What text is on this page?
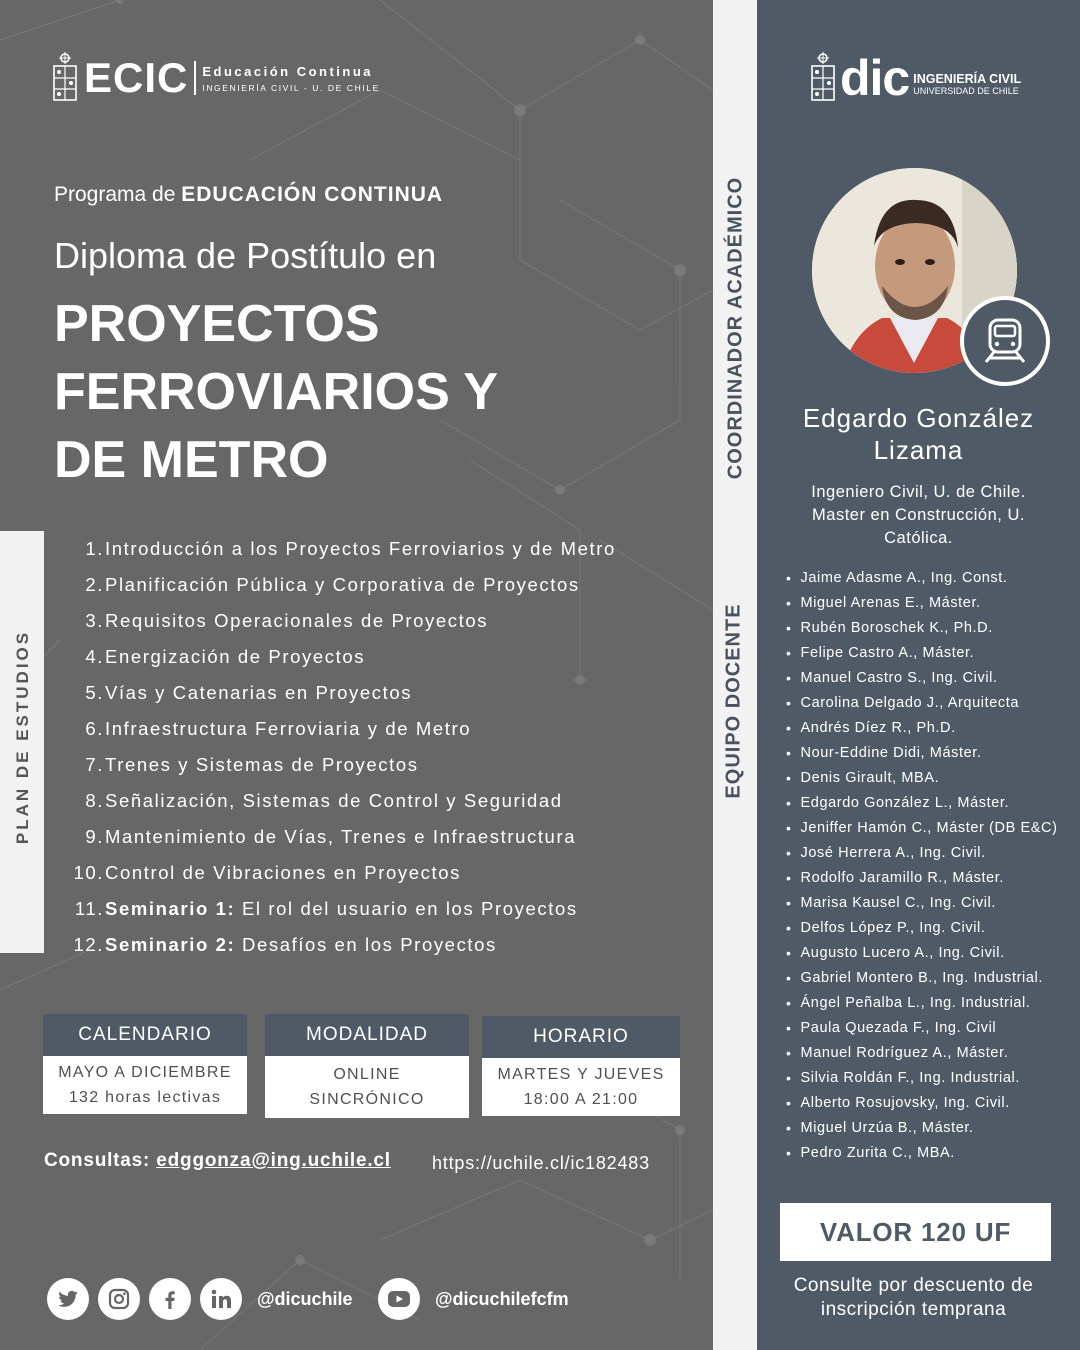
ECIC Educación Continua
INGENIERÍA CIVIL - U. DE CHILE	dic INGENIERÍA CIVIL
UNIVERSIDAD DE CHILE
Programa de EDUCACIÓN CONTINUA
Diploma de Postítulo en
PROYECTOS
FERROVIARIOS Y
DE METRO
PLAN DE ESTUDIOS
1. Introducción a los Proyectos Ferroviarios y de Metro
2. Planificación Pública y Corporativa de Proyectos
3. Requisitos Operacionales de Proyectos
4. Energización de Proyectos
5. Vías y Catenarias en Proyectos
6. Infraestructura Ferroviaria y de Metro
7. Trenes y Sistemas de Proyectos
8. Señalización, Sistemas de Control y Seguridad
9. Mantenimiento de Vías, Trenes e Infraestructura
10. Control de Vibraciones en Proyectos
11. Seminario 1: El rol del usuario en los Proyectos
12. Seminario 2: Desafíos en los Proyectos
CALENDARIO
MAYO A DICIEMBRE
132 horas lectivas
MODALIDAD
ONLINE
SINCRÓNICO
HORARIO
MARTES Y JUEVES
18:00 A 21:00
Consultas: edggonza@ing.uchile.cl https://uchile.cl/ic182483
@dicuchile	@dicuchilefcfm
COORDINADOR ACADÉMICO
EQUIPO DOCENTE
Edgardo González Lizama
Ingeniero Civil, U. de Chile. Master en Construcción, U. Católica.
• Jaime Adasme A., Ing. Const.
• Miguel Arenas E., Máster.
• Rubén Boroschek K., Ph.D.
• Felipe Castro A., Máster.
• Manuel Castro S., Ing. Civil.
• Carolina Delgado J., Arquitecta
• Andrés Díez R., Ph.D.
• Nour-Eddine Didi, Máster.
• Denis Girault, MBA.
• Edgardo González L., Máster.
• Jeniffer Hamón C., Máster (DB E&C)
• José Herrera A., Ing. Civil.
• Rodolfo Jaramillo R., Máster.
• Marisa Kausel C., Ing. Civil.
• Delfos López P., Ing. Civil.
• Augusto Lucero A., Ing. Civil.
• Gabriel Montero B., Ing. Industrial.
• Ángel Peñalba L., Ing. Industrial.
• Paula Quezada F., Ing. Civil
• Manuel Rodríguez A., Máster.
• Silvia Roldán F., Ing. Industrial.
• Alberto Rosujovsky, Ing. Civil.
• Miguel Urzúa B., Máster.
• Pedro Zurita C., MBA.
VALOR 120 UF
Consulte por descuento de inscripción temprana
